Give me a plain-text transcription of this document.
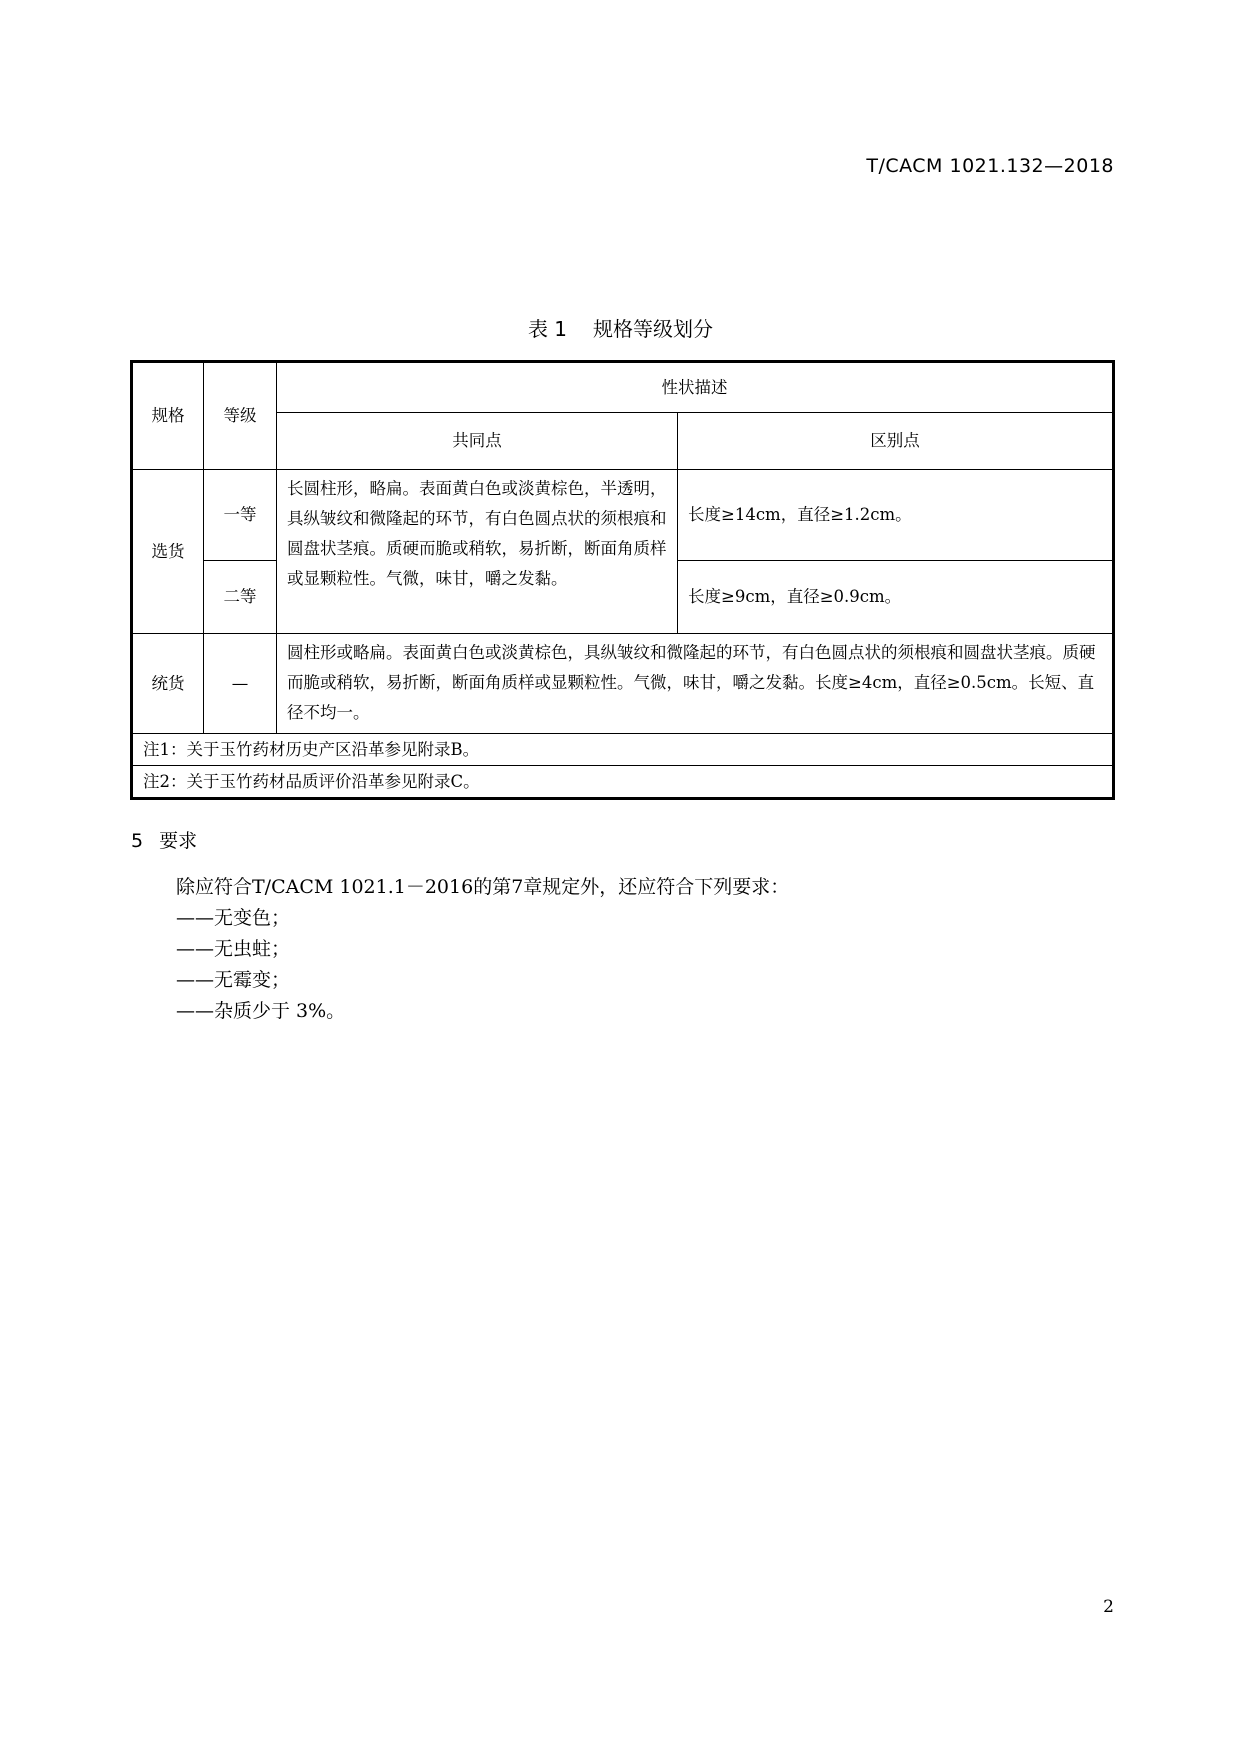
T/CACM 1021.132—2018
表 1 规格等级划分
规格	等级	性状描述	
		共同点	区别点
选货	一等	长圆柱形，略扁。表面黄白色或淡黄棕色，半透明，具纵皱纹和微隆起的环节，有白色圆点状的须根痕和圆盘状茎痕。质硬而脆或稍软，易折断，断面角质样或显颗粒性。气微，味甘，嚼之发黏。	长度≥14cm，直径≥1.2cm。
	二等		长度≥9cm，直径≥0.9cm。
统货	—	圆柱形或略扁。表面黄白色或淡黄棕色，具纵皱纹和微隆起的环节，有白色圆点状的须根痕和圆盘状茎痕。质硬而脆或稍软，易折断，断面角质样或显颗粒性。气微，味甘，嚼之发黏。长度≥4cm，直径≥0.5cm。长短、直径不均一。	
注1：关于玉竹药材历史产区沿革参见附录B。			
注2：关于玉竹药材品质评价沿革参见附录C。			
5 要求
除应符合T/CACM 1021.1－2016的第7章规定外，还应符合下列要求：
——无变色；
——无虫蛀；
——无霉变；
——杂质少于 3%。
2
